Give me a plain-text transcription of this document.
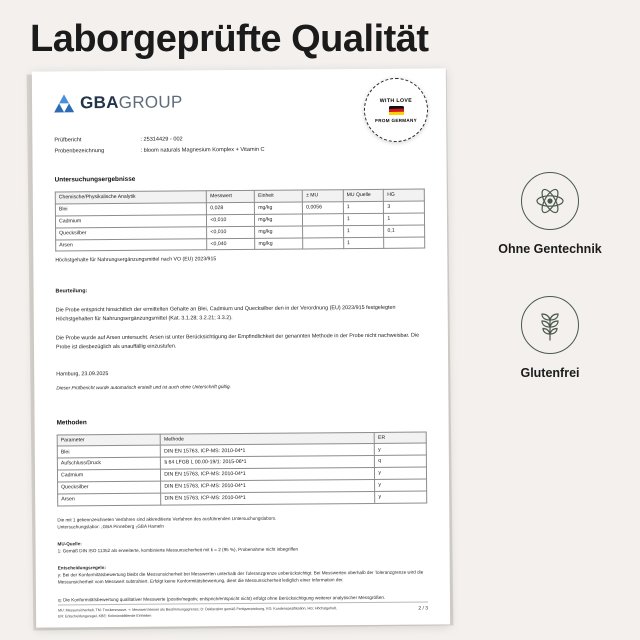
Laborgeprüfte Qualität
GBAGROUP
Prüfbericht	: 25314429 - 002
Probenbezeichnung	: bloom naturals Magnesium Komplex + Vitamin C
Untersuchungsergebnisse
Chemische/Physikalische Analytik	Messwert	Einheit	± MU	MU Quelle	HG
Blei	0,028	mg/kg	0,0056	1	3
Cadmium	<0,010	mg/kg		1	1
Quecksilber	<0,010	mg/kg		1	0,1
Arsen	<0,040	mg/kg		1	
Höchstgehalte für Nahrungsergänzungsmittel nach VO (EU) 2023/915
Beurteilung:
Die Probe entspricht hinsichtlich der ermittelten Gehalte an Blei, Cadmium und Quecksilber den in der Verordnung (EU) 2023/915 festgelegten Höchstgehalten für Nahrungsergänzungsmittel (Kat. 3.1.28; 3.2.21; 3.3.2).
Die Probe wurde auf Arsen untersucht. Arsen ist unter Berücksichtigung der Empfindlichkeit der genannten Methode in der Probe nicht nachweisbar. Die Probe ist diesbezüglich als unauffällig einzustufen.
Hamburg, 23.09.2025
Dieser Prüfbericht wurde automatisch erstellt und ist auch ohne Unterschrift gültig.
Methoden
Parameter	Methode	ER
Blei	DIN EN 15763, ICP-MS: 2010-04*1	y
Aufschluss/Druck	§ 64 LFGB L 00.00-19/1: 2015-06*1	q
Cadmium	DIN EN 15763, ICP-MS: 2010-04*1	y
Quecksilber	DIN EN 15763, ICP-MS: 2010-04*1	y
Arsen	DIN EN 15763, ICP-MS: 2010-04*1	y
Die mit 1 gekennzeichneten Verfahren sind akkreditierte Verfahren des ausführenden Untersuchungslabors.
Untersuchungslabor: ₁GBA Pinneberg ₂GBA Hameln
MU-Quelle:
1: Gemäß DIN ISO 11352 als erweiterte, kombinierte Messunsicherheit mit k = 2 (95 %), Probenahme nicht inbegriffen
Entscheidungsregeln:
y: Bei der Konformitätsbewertung bleibt die Messunsicherheit bei Messwerten unterhalb der Toleranzgrenze unberücksichtigt. Bei Messwerten oberhalb der Toleranzgrenze wird die Messunsicherheit vom Messwert subtrahiert. Erfolgt keine Konformitätsbewertung, dient die Messunsicherheit lediglich einer Information der.
q: Die Konformitätsbewertung qualitativer Messwerte (positiv/negativ, entsprich/entspricht nicht) erfolgt ohne Berücksichtigung weiterer analytischer Messgrößen.
MU: Messunsicherheit, TM: Trockenmasse, +: Messwert kleiner als Bestimmungsgrenze; D: Deklaration gemäß Fertigverpackung, KG: Kundenspezifikation, HG: Höchstgehalt,
ER: Entscheidungsregel, KBE: Kolonienbildende Einheiten
2 / 3
WITH LOVE
FROM GERMANY
Ohne Gentechnik
Glutenfrei
